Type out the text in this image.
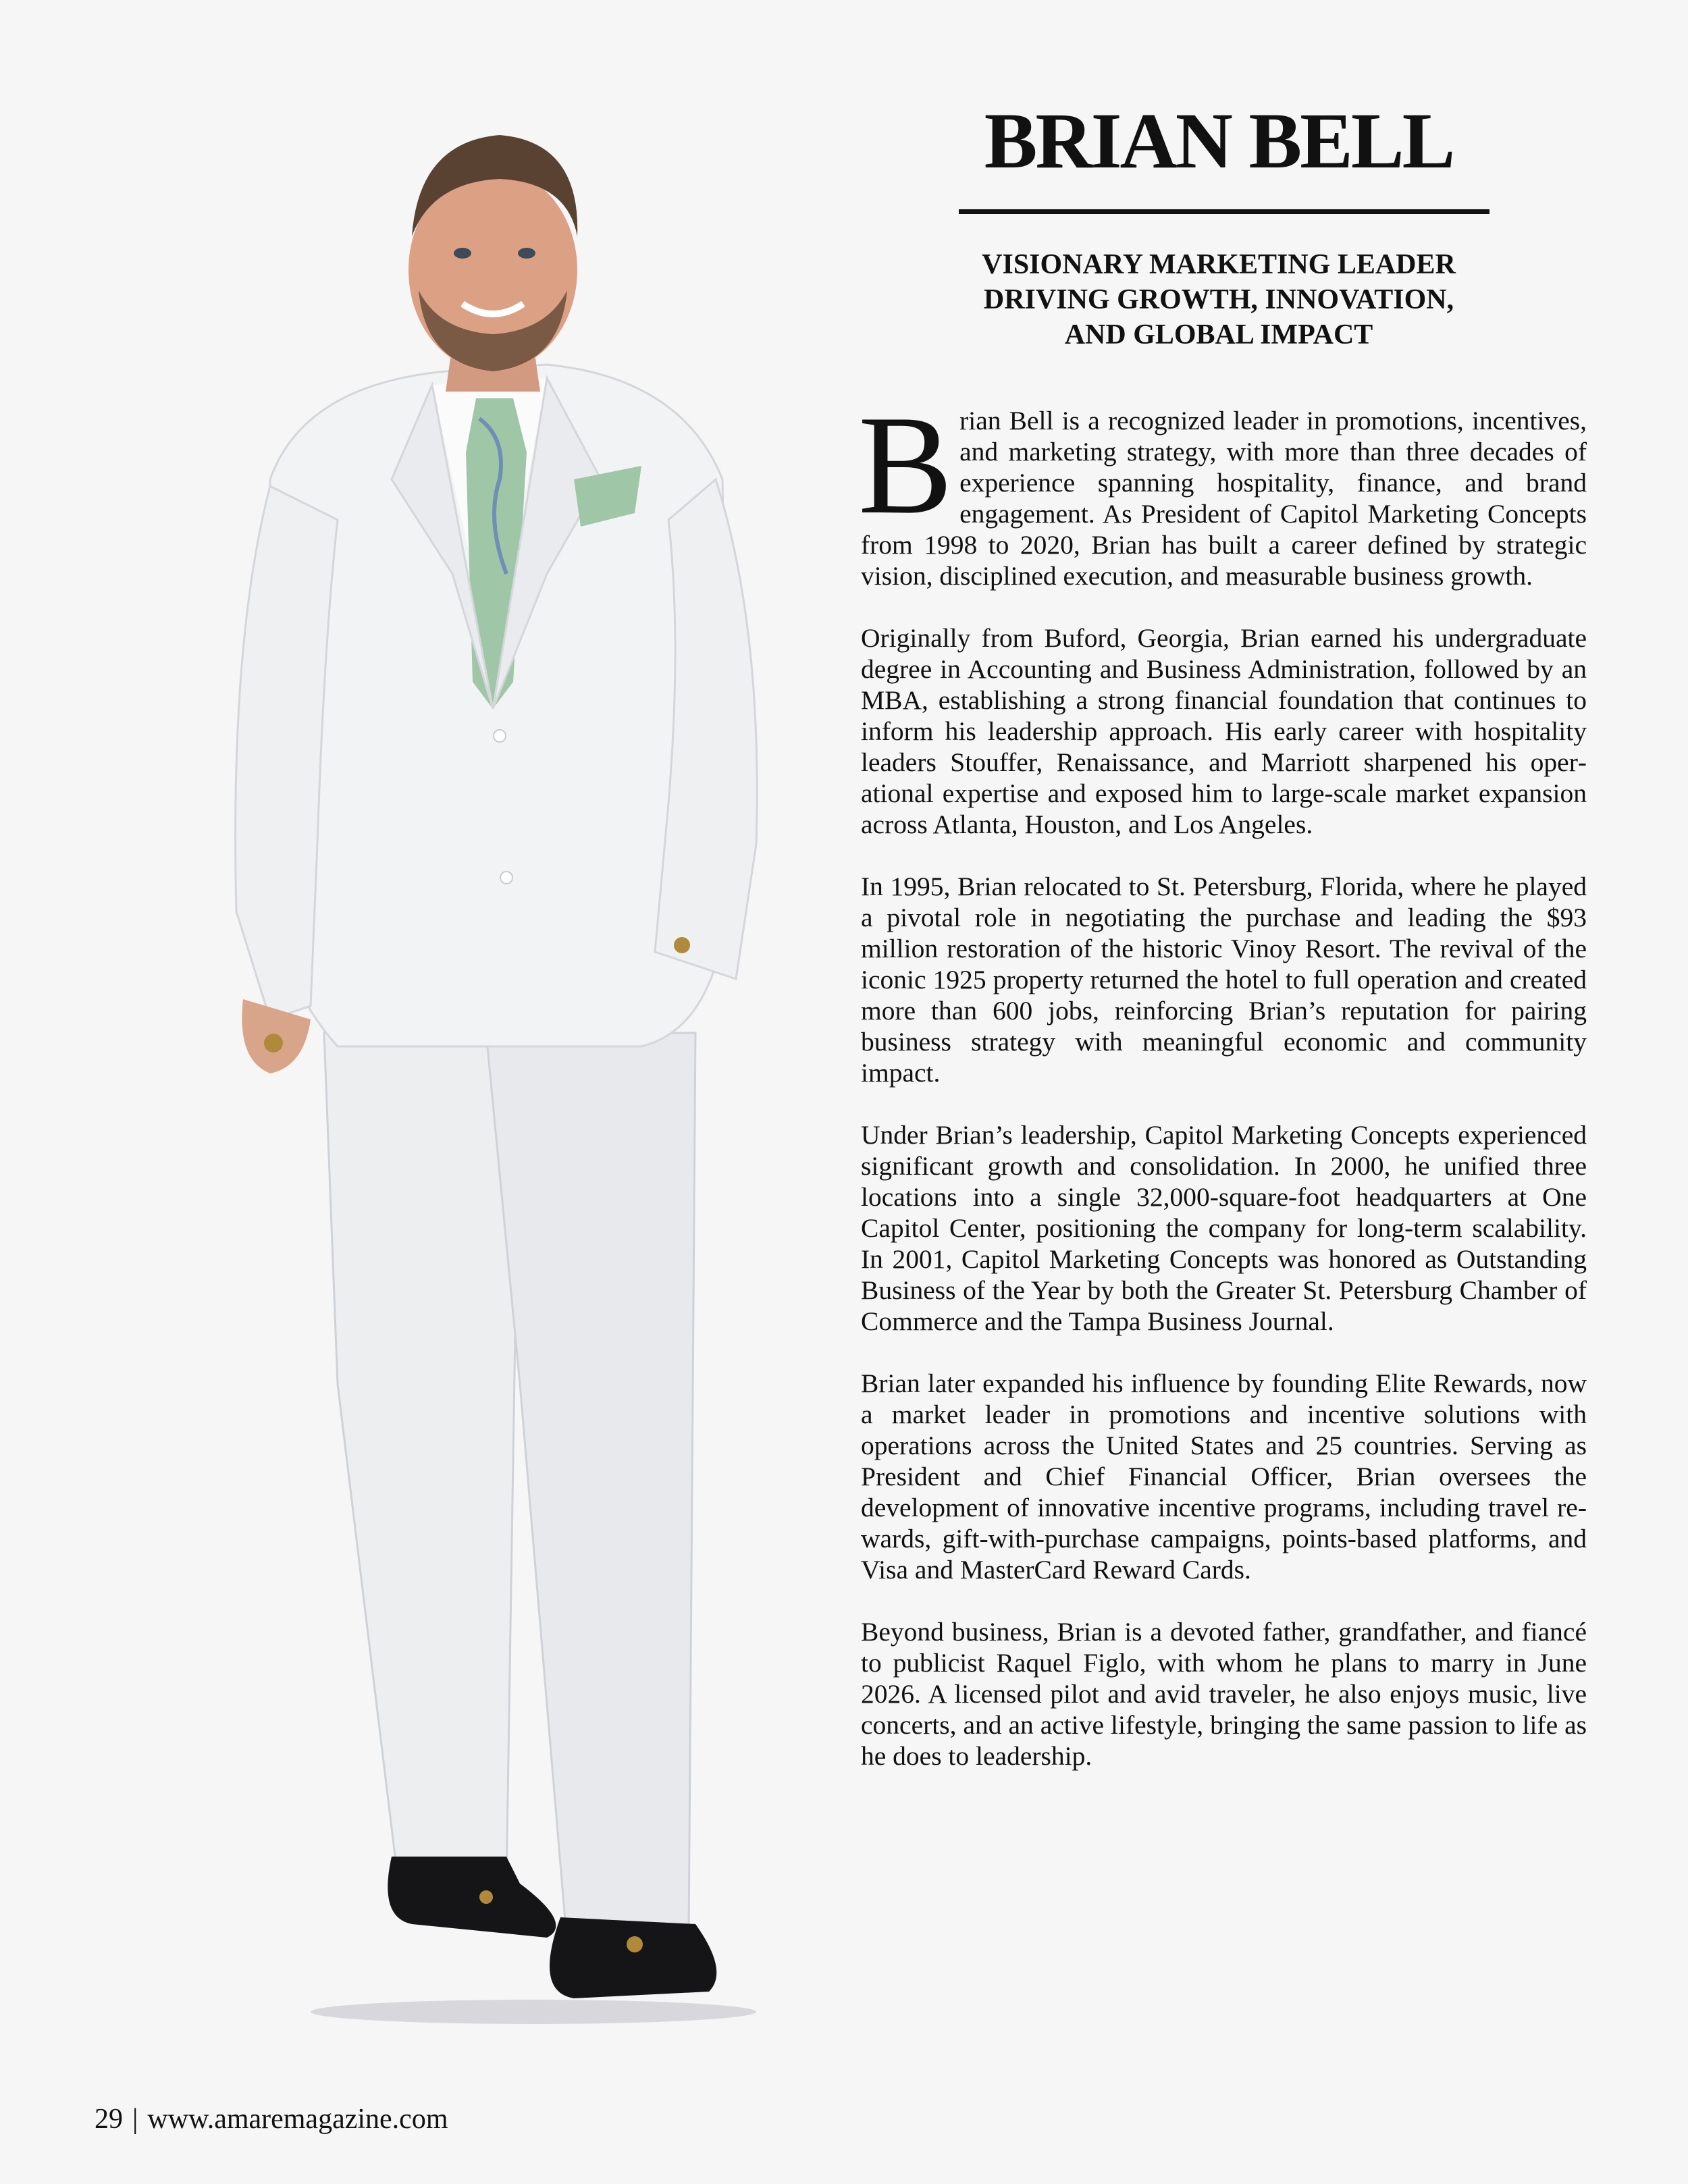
BRIAN BELL
VISIONARY MARKETING LEADER
DRIVING GROWTH, INNOVATION,
AND GLOBAL IMPACT

Brian Bell is a recognized leader in promotions, incentives, and marketing strategy, with more than three decades of experience spanning hospitality, finance, and brand engagement. As President of Capitol Marketing Concepts from 1998 to 2020, Brian has built a career defined by strategic vision, disciplined execution, and measurable business growth.

Originally from Buford, Georgia, Brian earned his undergraduate degree in Accounting and Business Administration, followed by an MBA, establishing a strong financial foundation that continues to inform his leadership approach. His early career with hospitality leaders Stouffer, Renaissance, and Marriott sharpened his operational expertise and exposed him to large-scale market expansion across Atlanta, Houston, and Los Angeles.

In 1995, Brian relocated to St. Petersburg, Florida, where he played a pivotal role in negotiating the purchase and leading the $93 million restoration of the historic Vinoy Resort. The revival of the iconic 1925 property returned the hotel to full operation and created more than 600 jobs, reinforcing Brian’s reputation for pairing business strategy with meaningful economic and community impact.

Under Brian’s leadership, Capitol Marketing Concepts experienced significant growth and consolidation. In 2000, he unified three locations into a single 32,000-square-foot headquarters at One Capitol Center, positioning the company for long-term scalability. In 2001, Capitol Marketing Concepts was honored as Outstanding Business of the Year by both the Greater St. Petersburg Chamber of Commerce and the Tampa Business Journal.

Brian later expanded his influence by founding Elite Rewards, now a market leader in promotions and incentive solutions with operations across the United States and 25 countries. Serving as President and Chief Financial Officer, Brian oversees the development of innovative incentive programs, including travel rewards, gift-with-purchase campaigns, points-based platforms, and Visa and MasterCard Reward Cards.

Beyond business, Brian is a devoted father, grandfather, and fiancé to publicist Raquel Figlo, with whom he plans to marry in June 2026. A licensed pilot and avid traveler, he also enjoys music, live concerts, and an active lifestyle, bringing the same passion to life as he does to leadership.

29 | www.amaremagazine.com
